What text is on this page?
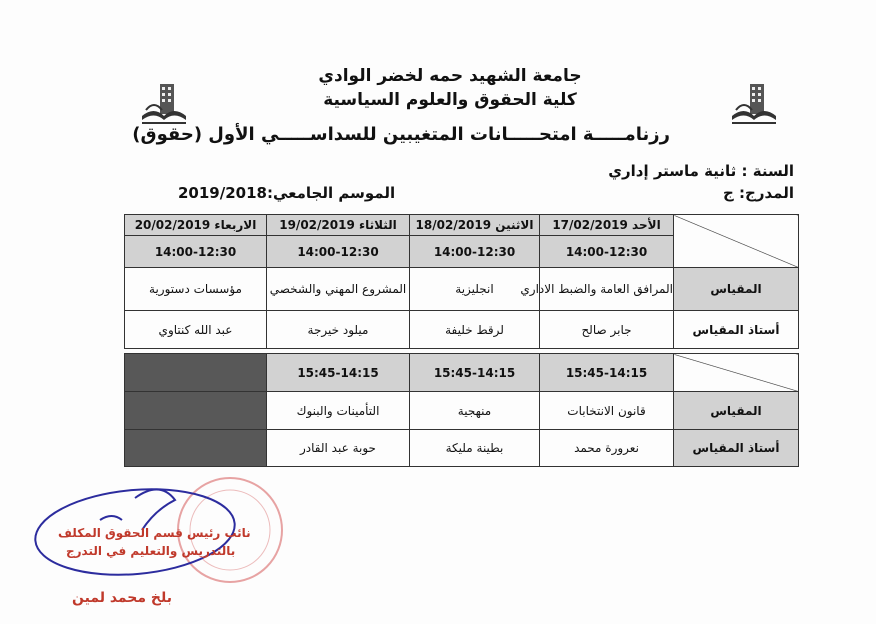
جامعة الشهيد حمه لخضر الوادي
كلية الحقوق والعلوم السياسية
رزنامـــــة امتحـــــانات المتغيبين للسداســـــي الأول (حقوق)
السنة : ثانية ماستر إداري
المدرج: ج
الموسم الجامعي:2019/2018
	الأحد 17/02/2019	الاثنين 18/02/2019	الثلاثاء 19/02/2019	الاربعاء 20/02/2019
	14:00-12:30	14:00-12:30	14:00-12:30	14:00-12:30
المقياس	المرافق العامة والضبط الاداري	انجليزية	المشروع المهني والشخصي	مؤسسات دستورية
أستاذ المقياس	جابر صالح	لرقط خليفة	ميلود خيرجة	عبد الله كنتاوي
	15:45-14:15	15:45-14:15	15:45-14:15	
المقياس	قانون الانتخابات	منهجية	التأمينات والبنوك	
أستاذ المقياس	نعرورة محمد	بطينة مليكة	حوبة عبد القادر	
نائب رئيس قسم الحقوق المكلف
بالتدريس والتعليم في التدرج
بلخ محمد لمين
